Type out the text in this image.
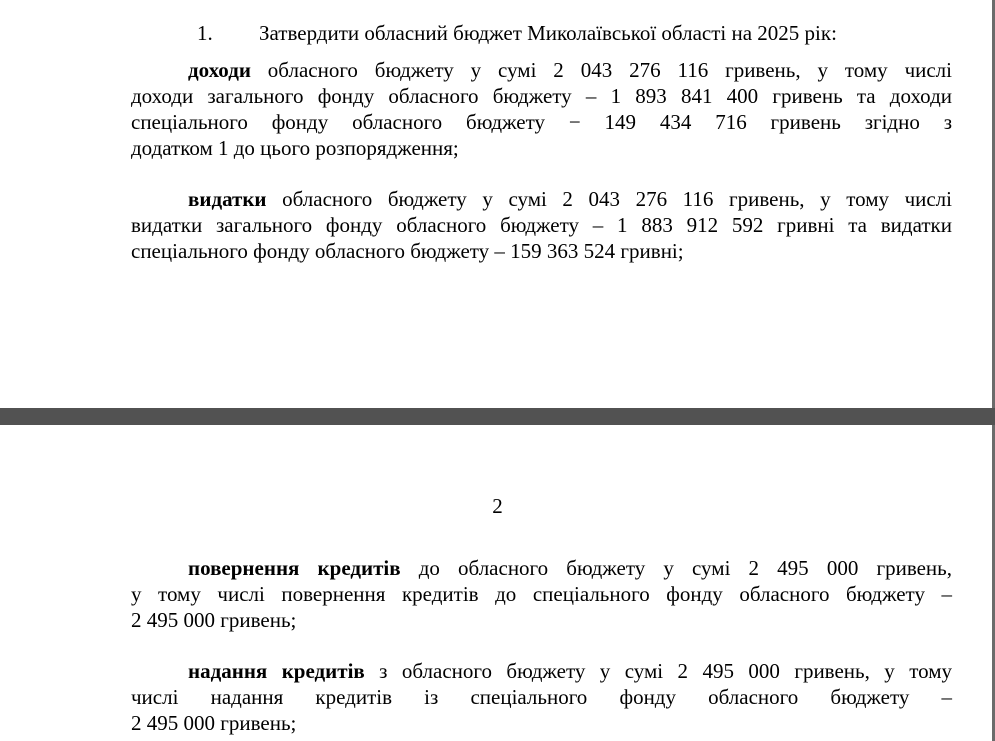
1. Затвердити обласний бюджет Миколаївської області на 2025 рік:
доходи обласного бюджету у сумі 2 043 276 116 гривень, у тому числі
доходи загального фонду обласного бюджету – 1 893 841 400 гривень та доходи
спеціального фонду обласного бюджету − 149 434 716 гривень згідно з
додатком 1 до цього розпорядження;
видатки обласного бюджету у сумі 2 043 276 116 гривень, у тому числі
видатки загального фонду обласного бюджету – 1 883 912 592 гривні та видатки
спеціального фонду обласного бюджету – 159 363 524 гривні;
2
повернення кредитів до обласного бюджету у сумі 2 495 000 гривень,
у тому числі повернення кредитів до спеціального фонду обласного бюджету –
2 495 000 гривень;
надання кредитів з обласного бюджету у сумі 2 495 000 гривень, у тому
числі надання кредитів із спеціального фонду обласного бюджету –
2 495 000 гривень;
